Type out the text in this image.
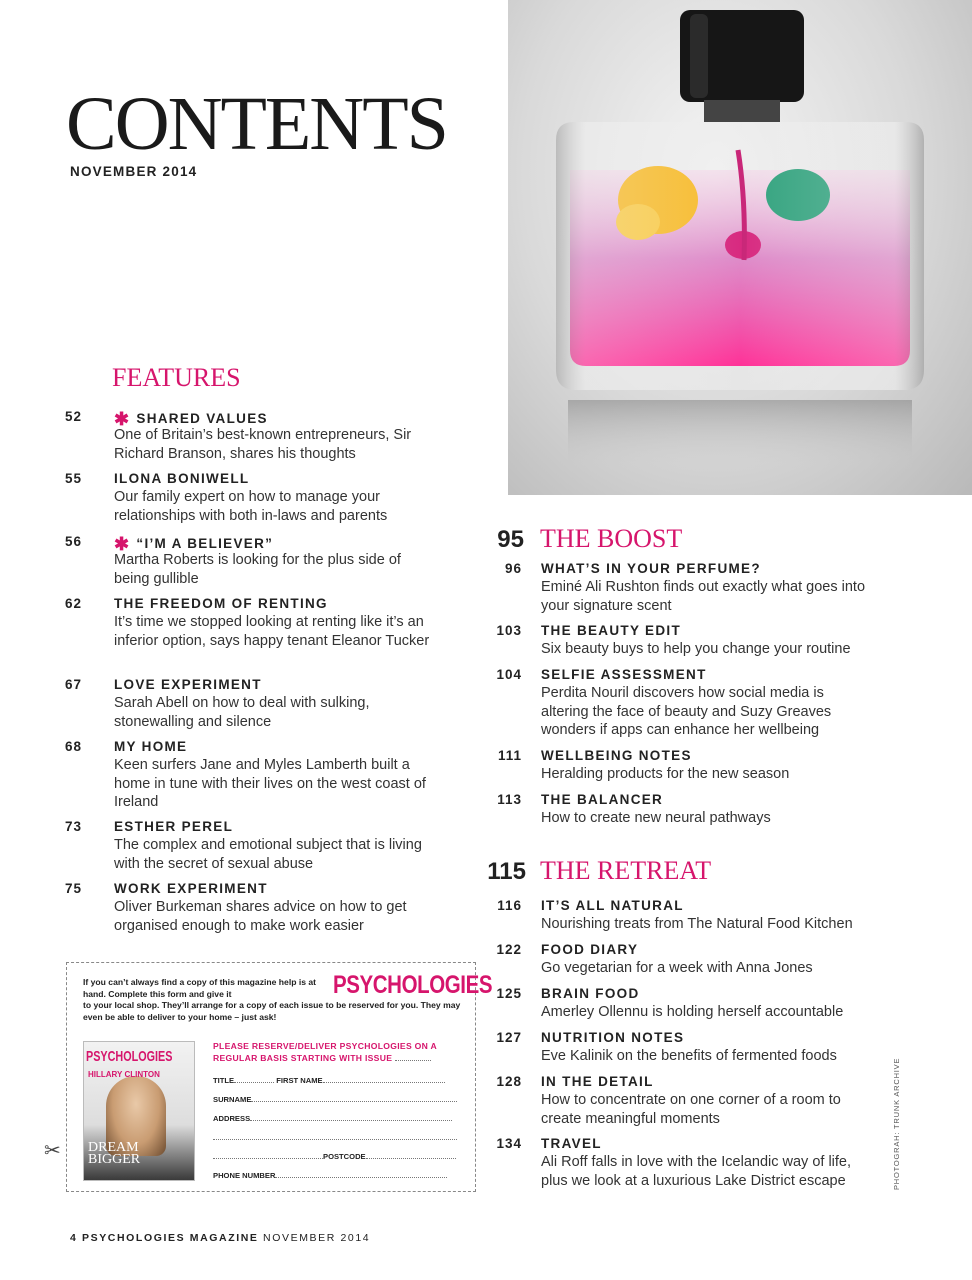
CONTENTS
NOVEMBER 2014
FEATURES
52 ✱ SHARED VALUES
One of Britain’s best-known entrepreneurs, Sir Richard Branson, shares his thoughts
55 ILONA BONIWELL
Our family expert on how to manage your relationships with both in-laws and parents
56 ✱ “I’M A BELIEVER”
Martha Roberts is looking for the plus side of being gullible
62 THE FREEDOM OF RENTING
It’s time we stopped looking at renting like it’s an inferior option, says happy tenant Eleanor Tucker
67 LOVE EXPERIMENT
Sarah Abell on how to deal with sulking, stonewalling and silence
68 MY HOME
Keen surfers Jane and Myles Lamberth built a home in tune with their lives on the west coast of Ireland
73 ESTHER PEREL
The complex and emotional subject that is living with the secret of sexual abuse
75 WORK EXPERIMENT
Oliver Burkeman shares advice on how to get organised enough to make work easier
95 THE BOOST
96 WHAT’S IN YOUR PERFUME?
Eminé Ali Rushton finds out exactly what goes into your signature scent
103 THE BEAUTY EDIT
Six beauty buys to help you change your routine
104 SELFIE ASSESSMENT
Perdita Nouril discovers how social media is altering the face of beauty and Suzy Greaves wonders if apps can enhance her wellbeing
111 WELLBEING NOTES
Heralding products for the new season
113 THE BALANCER
How to create new neural pathways
115 THE RETREAT
116 IT’S ALL NATURAL
Nourishing treats from The Natural Food Kitchen
122 FOOD DIARY
Go vegetarian for a week with Anna Jones
125 BRAIN FOOD
Amerley Ollennu is holding herself accountable
127 NUTRITION NOTES
Eve Kalinik on the benefits of fermented foods
128 IN THE DETAIL
How to concentrate on one corner of a room to create meaningful moments
134 TRAVEL
Ali Roff falls in love with the Icelandic way of life, plus we look at a luxurious Lake District escape
✂
If you can’t always find a copy of this magazine help is at hand. Complete this form and give it	PSYCHOLOGIES
to your local shop. They’ll arrange for a copy of each issue to be reserved for you. They may even be able to deliver to your home – just ask!
PSYCHOLOGIES
HILLARY CLINTON
DREAM BIGGER
PLEASE RESERVE/DELIVER PSYCHOLOGIES ON A REGULAR BASIS STARTING WITH ISSUE
TITLE	FIRST NAME
SURNAME
ADDRESS
POSTCODE
PHONE NUMBER	PHOTOGRAH: TRUNK ARCHIVE
4 PSYCHOLOGIES MAGAZINE NOVEMBER 2014
